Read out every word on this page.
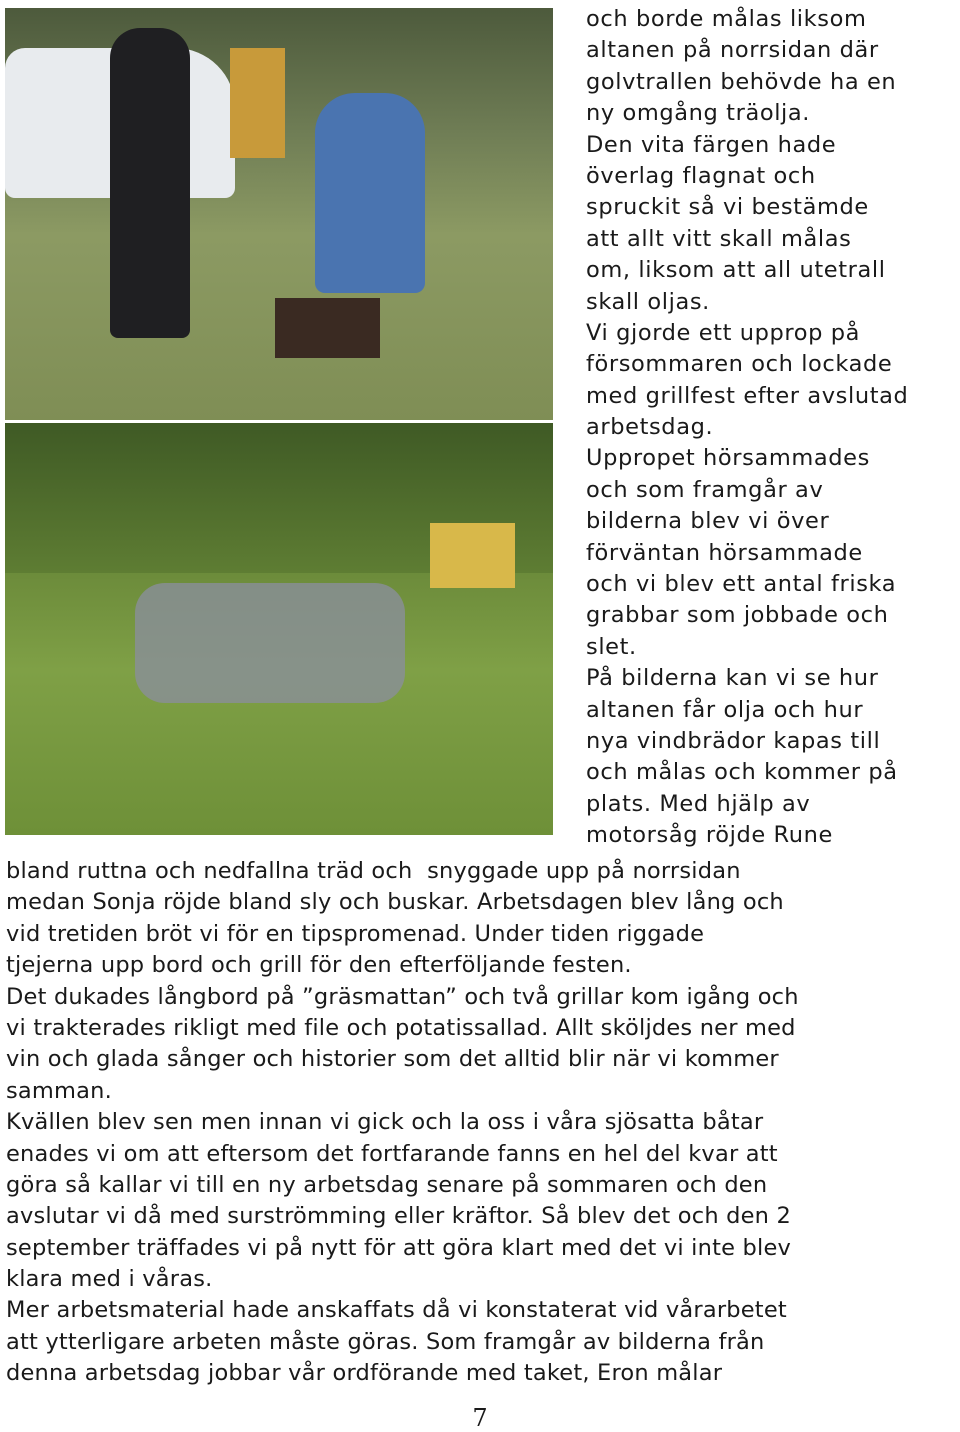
och borde målas liksom
altanen på norrsidan där
golvtrallen behövde ha en
ny omgång träolja.
Den vita färgen hade
överlag flagnat och
spruckit så vi bestämde
att allt vitt skall målas
om, liksom att all utetrall
skall oljas.
Vi gjorde ett upprop på
försommaren och lockade
med grillfest efter avslutad
arbetsdag.
Uppropet hörsammades
och som framgår av
bilderna blev vi över
förväntan hörsammade
och vi blev ett antal friska
grabbar som jobbade och
slet.
På bilderna kan vi se hur
altanen får olja och hur
nya vindbrädor kapas till
och målas och kommer på
plats. Med hjälp av
motorsåg röjde Rune
bland ruttna och nedfallna träd och  snyggade upp på norrsidan
medan Sonja röjde bland sly och buskar. Arbetsdagen blev lång och
vid tretiden bröt vi för en tipspromenad. Under tiden riggade
tjejerna upp bord och grill för den efterföljande festen.
Det dukades långbord på ”gräsmattan” och två grillar kom igång och
vi trakterades rikligt med file och potatissallad. Allt sköljdes ner med
vin och glada sånger och historier som det alltid blir när vi kommer
samman.
Kvällen blev sen men innan vi gick och la oss i våra sjösatta båtar
enades vi om att eftersom det fortfarande fanns en hel del kvar att
göra så kallar vi till en ny arbetsdag senare på sommaren och den
avslutar vi då med surströmming eller kräftor. Så blev det och den 2
september träffades vi på nytt för att göra klart med det vi inte blev
klara med i våras.
Mer arbetsmaterial hade anskaffats då vi konstaterat vid vårarbetet
att ytterligare arbeten måste göras. Som framgår av bilderna från
denna arbetsdag jobbar vår ordförande med taket, Eron målar
7
